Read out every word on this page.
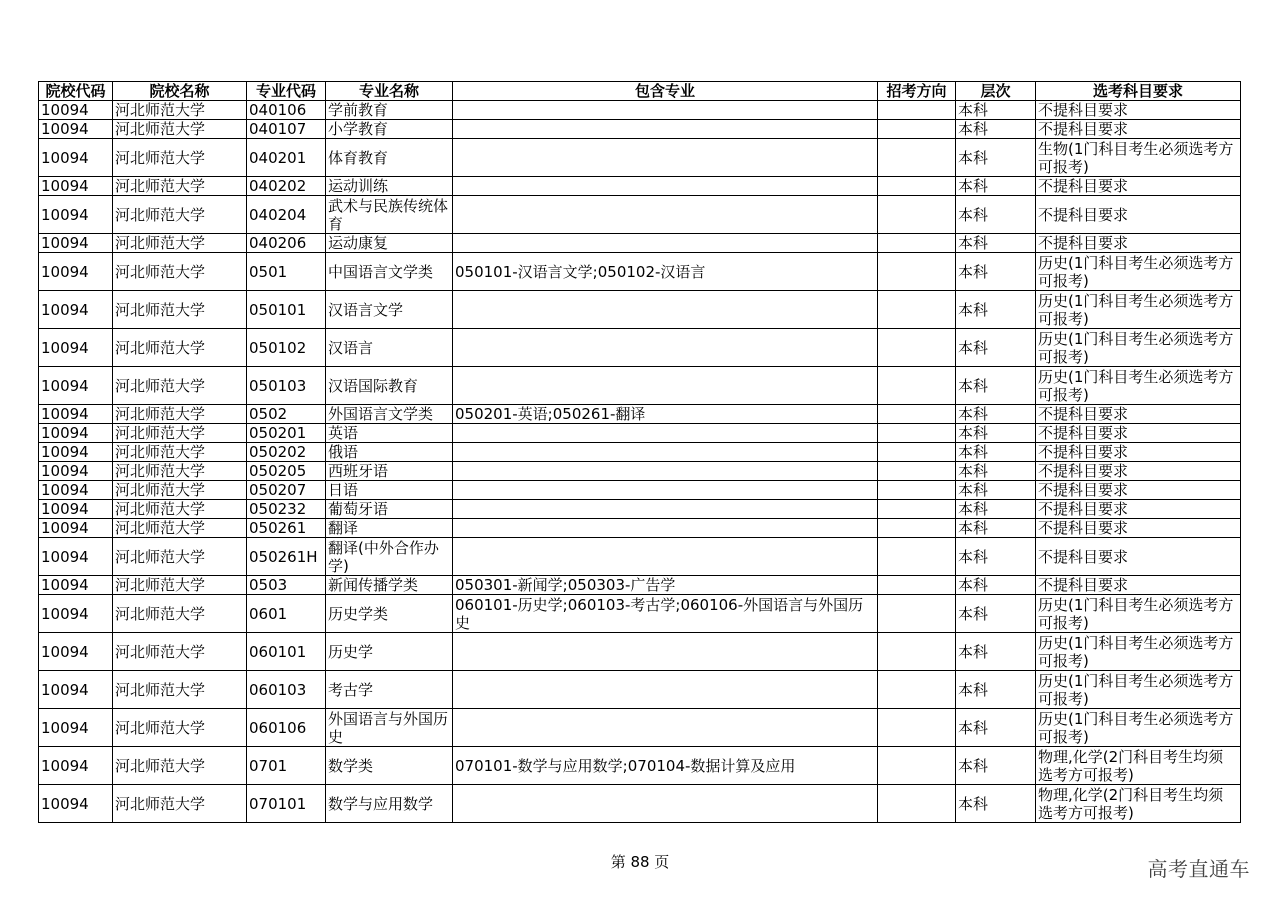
院校代码	院校名称	专业代码	专业名称	包含专业	招考方向	层次	选考科目要求
10094	河北师范大学	040106	学前教育			本科	不提科目要求
10094	河北师范大学	040107	小学教育			本科	不提科目要求
10094	河北师范大学	040201	体育教育			本科	生物(1门科目考生必须选考方可报考)
10094	河北师范大学	040202	运动训练			本科	不提科目要求
10094	河北师范大学	040204	武术与民族传统体育			本科	不提科目要求
10094	河北师范大学	040206	运动康复			本科	不提科目要求
10094	河北师范大学	0501	中国语言文学类	050101-汉语言文学;050102-汉语言		本科	历史(1门科目考生必须选考方可报考)
10094	河北师范大学	050101	汉语言文学			本科	历史(1门科目考生必须选考方可报考)
10094	河北师范大学	050102	汉语言			本科	历史(1门科目考生必须选考方可报考)
10094	河北师范大学	050103	汉语国际教育			本科	历史(1门科目考生必须选考方可报考)
10094	河北师范大学	0502	外国语言文学类	050201-英语;050261-翻译		本科	不提科目要求
10094	河北师范大学	050201	英语			本科	不提科目要求
10094	河北师范大学	050202	俄语			本科	不提科目要求
10094	河北师范大学	050205	西班牙语			本科	不提科目要求
10094	河北师范大学	050207	日语			本科	不提科目要求
10094	河北师范大学	050232	葡萄牙语			本科	不提科目要求
10094	河北师范大学	050261	翻译			本科	不提科目要求
10094	河北师范大学	050261H	翻译(中外合作办学)			本科	不提科目要求
10094	河北师范大学	0503	新闻传播学类	050301-新闻学;050303-广告学		本科	不提科目要求
10094	河北师范大学	0601	历史学类	060101-历史学;060103-考古学;060106-外国语言与外国历史		本科	历史(1门科目考生必须选考方可报考)
10094	河北师范大学	060101	历史学			本科	历史(1门科目考生必须选考方可报考)
10094	河北师范大学	060103	考古学			本科	历史(1门科目考生必须选考方可报考)
10094	河北师范大学	060106	外国语言与外国历史			本科	历史(1门科目考生必须选考方可报考)
10094	河北师范大学	0701	数学类	070101-数学与应用数学;070104-数据计算及应用		本科	物理,化学(2门科目考生均须选考方可报考)
10094	河北师范大学	070101	数学与应用数学			本科	物理,化学(2门科目考生均须选考方可报考)
第 88 页	高考直通车
